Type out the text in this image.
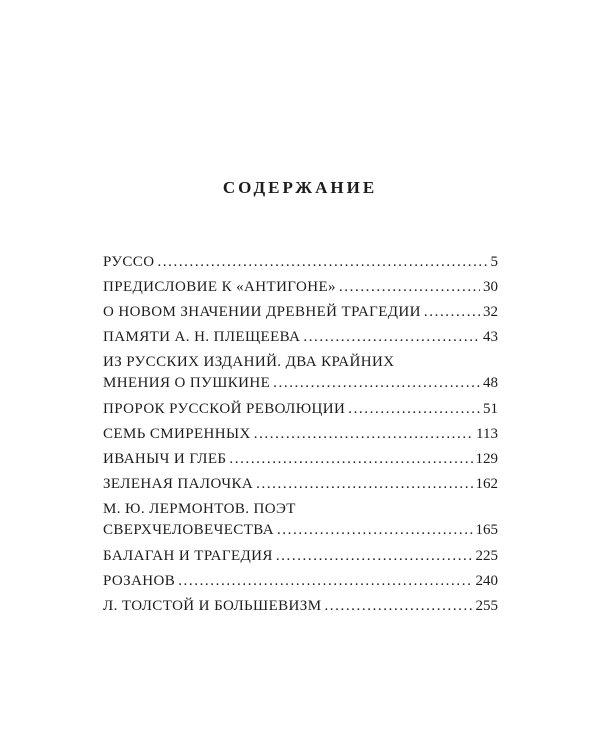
СОДЕРЖАНИЕ
РУССО .....	5
ПРЕДИСЛОВИЕ К «АНТИГОНЕ» .....	30
О НОВОМ ЗНАЧЕНИИ ДРЕВНЕЙ ТРАГЕДИИ .....	32
ПАМЯТИ А. Н. ПЛЕЩЕЕВА .....	43
ИЗ РУССКИХ ИЗДАНИЙ. ДВА КРАЙНИХ
МНЕНИЯ О ПУШКИНЕ .....	48
ПРОРОК РУССКОЙ РЕВОЛЮЦИИ .....	51
СЕМЬ СМИРЕННЫХ .....	113
ИВАНЫЧ И ГЛЕБ .....	129
ЗЕЛЕНАЯ ПАЛОЧКА .....	162
М. Ю. ЛЕРМОНТОВ. ПОЭТ
СВЕРХЧЕЛОВЕЧЕСТВА .....	165
БАЛАГАН И ТРАГЕДИЯ .....	225
РОЗАНОВ .....	240
Л. ТОЛСТОЙ И БОЛЬШЕВИЗМ .....	255
